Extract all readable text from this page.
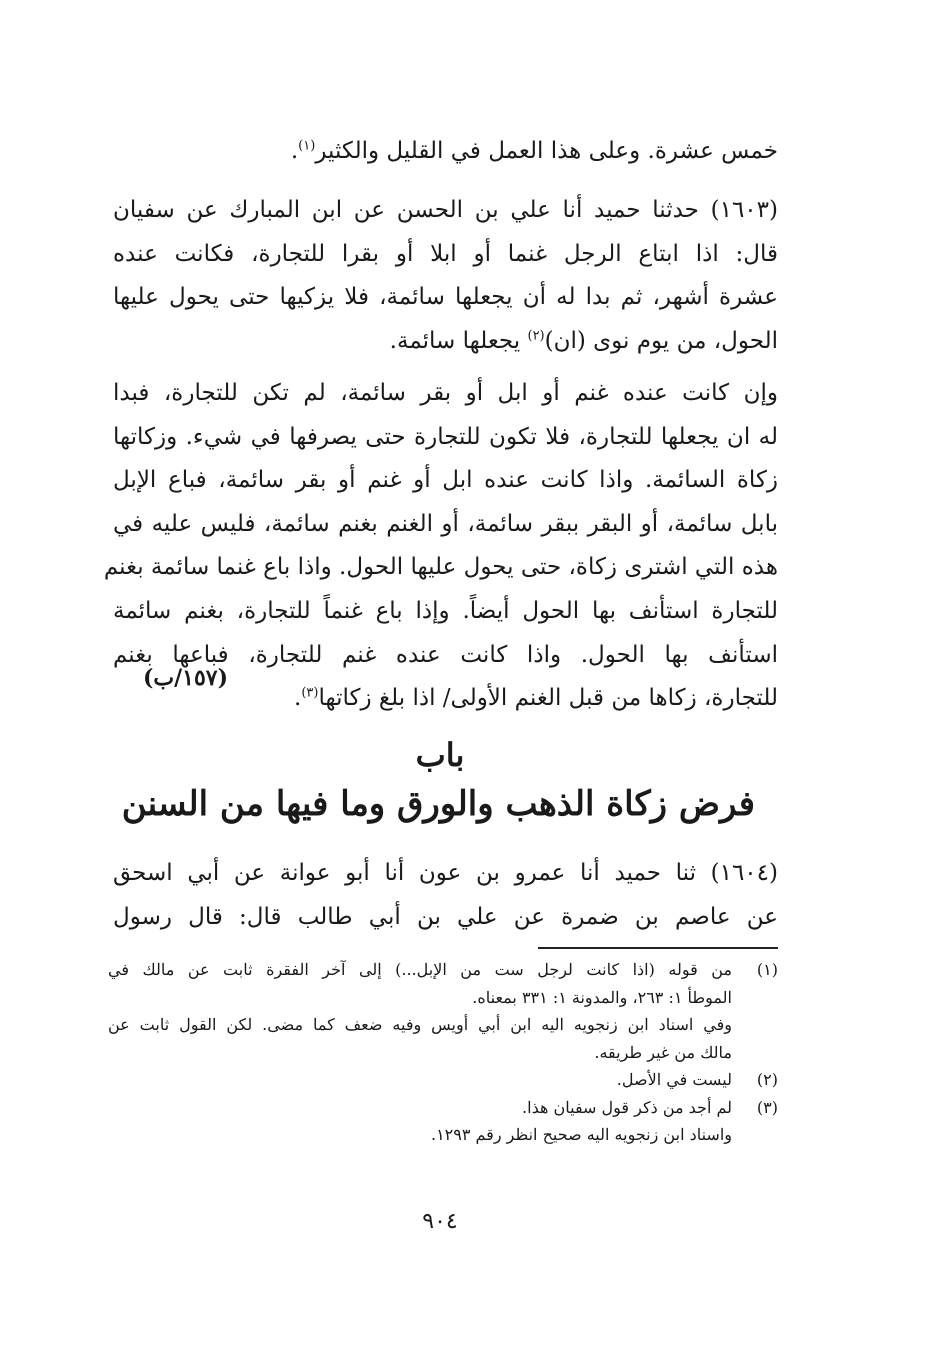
خمس عشرة. وعلى هذا العمل في القليل والكثير$^{(١)}$.
(١٦٠٣) حدثنا حميد أنا علي بن الحسن عن ابن المبارك عن سفيان
قال: اذا ابتاع الرجل غنما أو ابلا أو بقرا للتجارة، فكانت عنده
عشرة أشهر، ثم بدا له أن يجعلها سائمة، فلا يزكيها حتى يحول عليها
الحول، من يوم نوى (ان)$^{(٢)}$ يجعلها سائمة.
وإن كانت عنده غنم أو ابل أو بقر سائمة، لم تكن للتجارة، فبدا
له ان يجعلها للتجارة، فلا تكون للتجارة حتى يصرفها في شيء. وزكاتها
زكاة السائمة. واذا كانت عنده ابل أو غنم أو بقر سائمة، فباع الإبل
بابل سائمة، أو البقر ببقر سائمة، أو الغنم بغنم سائمة، فليس عليه في
هذه التي اشترى زكاة، حتى يحول عليها الحول. واذا باع غنما سائمة بغنم
للتجارة استأنف بها الحول أيضاً. وإذا باع غنماً للتجارة، بغنم سائمة
استأنف بها الحول. واذا كانت عنده غنم للتجارة، فباعها بغنم
للتجارة، زكاها من قبل الغنم الأولى/ اذا بلغ زكاتها$^{(٣)}$.
(١٥٧/ب)
باب
فرض زكاة الذهب والورق وما فيها من السنن
(١٦٠٤) ثنا حميد أنا عمرو بن عون أنا أبو عوانة عن أبي اسحق
عن عاصم بن ضمرة عن علي بن أبي طالب قال: قال رسول
(١)
من قوله (اذا كانت لرجل ست من الإبل...) إلى آخر الفقرة ثابت عن مالك في
الموطأ ١: ٢٦٣، والمدونة ١: ٣٣١ بمعناه.
وفي اسناد ابن زنجويه اليه ابن أبي أويس وفيه ضعف كما مضى. لكن القول ثابت عن
مالك من غير طريقه.
(٢)
ليست في الأصل.
(٣)
لم أجد من ذكر قول سفيان هذا.
واسناد ابن زنجويه اليه صحيح انظر رقم ١٢٩٣.
٩٠٤
